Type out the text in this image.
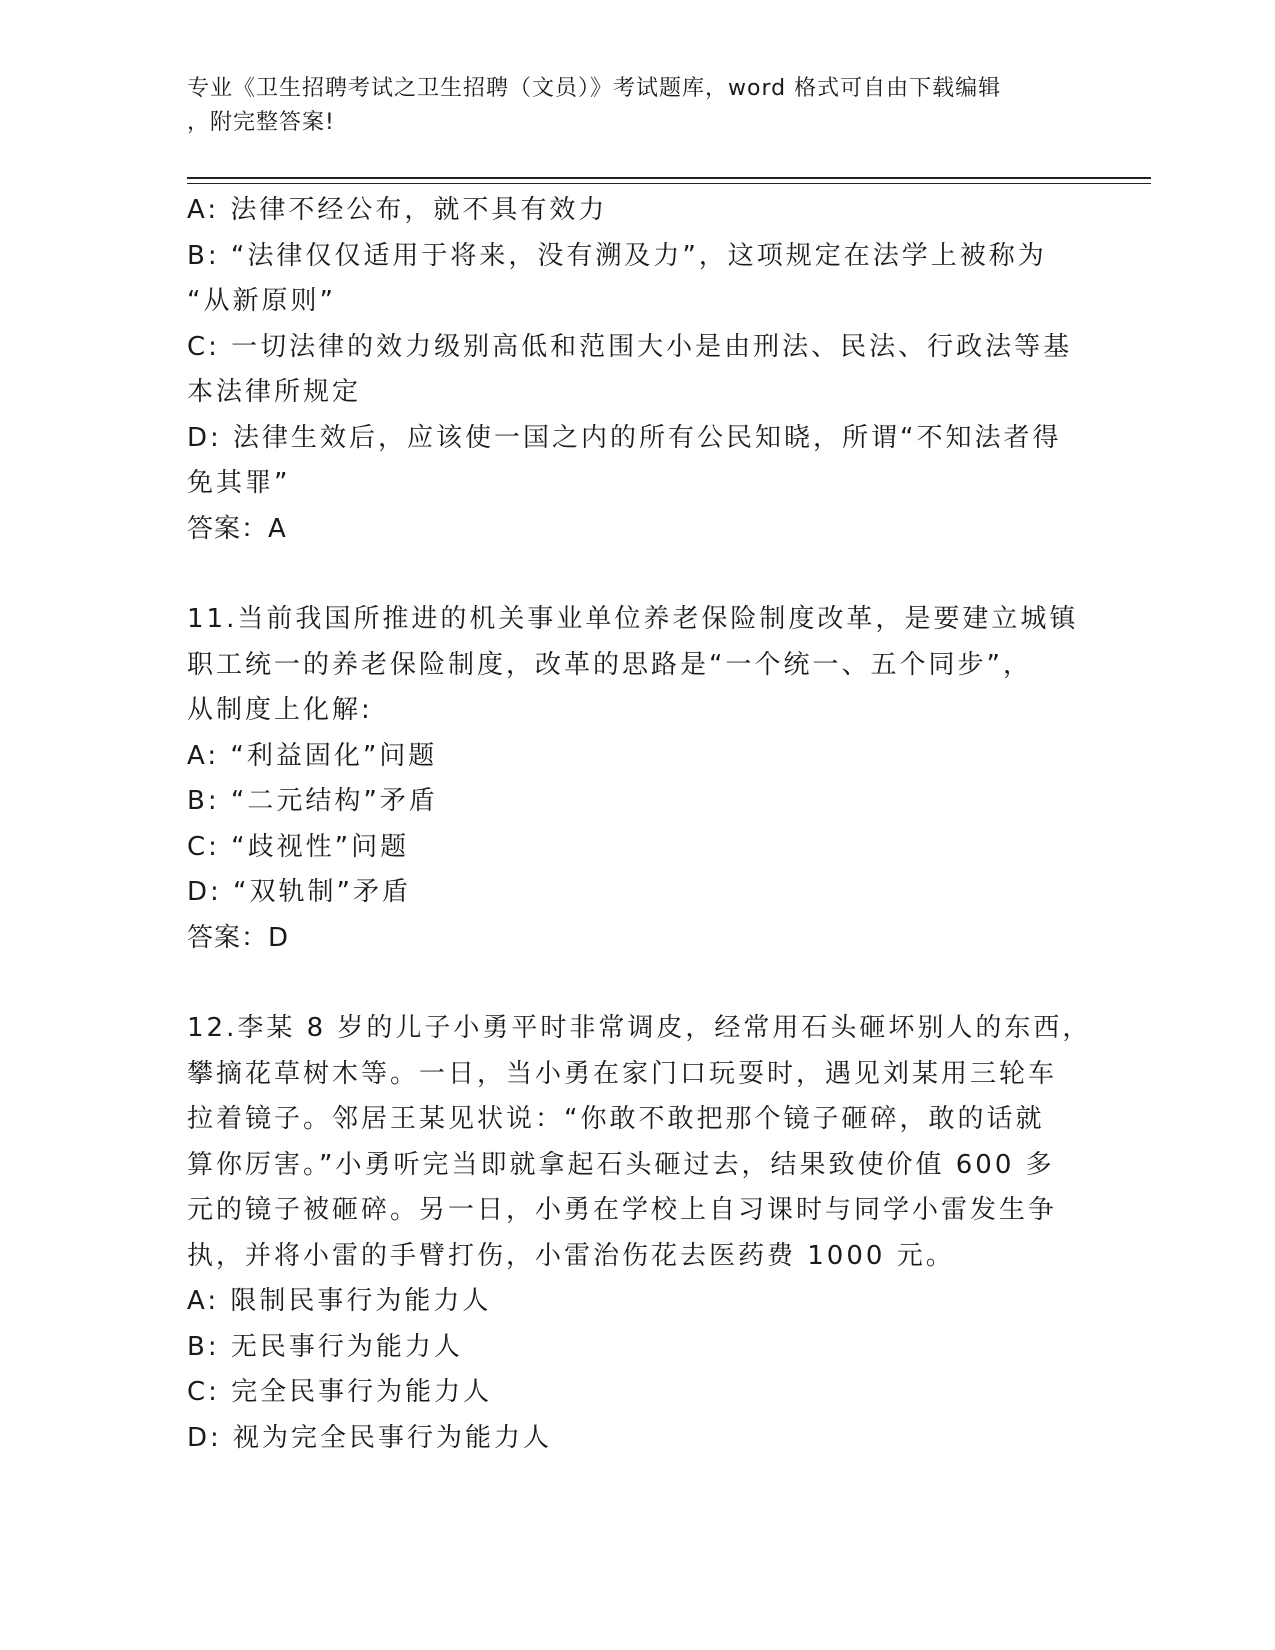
专业《卫生招聘考试之卫生招聘（文员）》考试题库，word 格式可自由下载编辑
，附完整答案!

A: 法律不经公布，就不具有效力

B: “法律仅仅适用于将来，没有溯及力”，这项规定在法学上被称为

“从新原则”

C: 一切法律的效力级别高低和范围大小是由刑法、民法、行政法等基

本法律所规定

D: 法律生效后，应该使一国之内的所有公民知晓，所谓“不知法者得

免其罪”

答案：A

11.当前我国所推进的机关事业单位养老保险制度改革，是要建立城镇

职工统一的养老保险制度，改革的思路是“一个统一、五个同步”，

从制度上化解:

A: “利益固化”问题

B: “二元结构”矛盾

C: “歧视性”问题

D: “双轨制”矛盾

答案：D

12.李某 8 岁的儿子小勇平时非常调皮，经常用石头砸坏别人的东西，

攀摘花草树木等。一日，当小勇在家门口玩耍时，遇见刘某用三轮车

拉着镜子。邻居王某见状说：“你敢不敢把那个镜子砸碎，敢的话就

算你厉害。”小勇听完当即就拿起石头砸过去，结果致使价值 600 多

元的镜子被砸碎。另一日，小勇在学校上自习课时与同学小雷发生争

执，并将小雷的手臂打伤，小雷治伤花去医药费 1000 元。

A: 限制民事行为能力人

B: 无民事行为能力人

C: 完全民事行为能力人

D: 视为完全民事行为能力人
